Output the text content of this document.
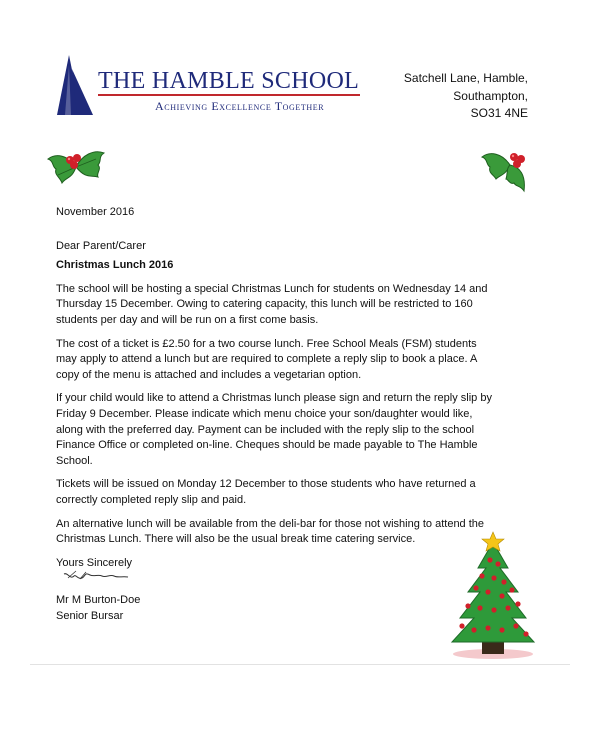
THE HAMBLE SCHOOL
Achieving Excellence Together
Satchell Lane, Hamble,
Southampton,
SO31 4NE

November 2016

Dear Parent/Carer

Christmas Lunch 2016

The school will be hosting a special Christmas Lunch for students on Wednesday 14 and Thursday 15 December. Owing to catering capacity, this lunch will be restricted to 160 students per day and will be run on a first come basis.

The cost of a ticket is £2.50 for a two course lunch. Free School Meals (FSM) students may apply to attend a lunch but are required to complete a reply slip to book a place. A copy of the menu is attached and includes a vegetarian option.

If your child would like to attend a Christmas lunch please sign and return the reply slip by Friday 9 December. Please indicate which menu choice your son/daughter would like, along with the preferred day. Payment can be included with the reply slip to the school Finance Office or completed on-line. Cheques should be made payable to The Hamble School.

Tickets will be issued on Monday 12 December to those students who have returned a correctly completed reply slip and paid.

An alternative lunch will be available from the deli-bar for those not wishing to attend the Christmas Lunch. There will also be the usual break time catering service.

Yours Sincerely

Mr M Burton-Doe
Senior Bursar
